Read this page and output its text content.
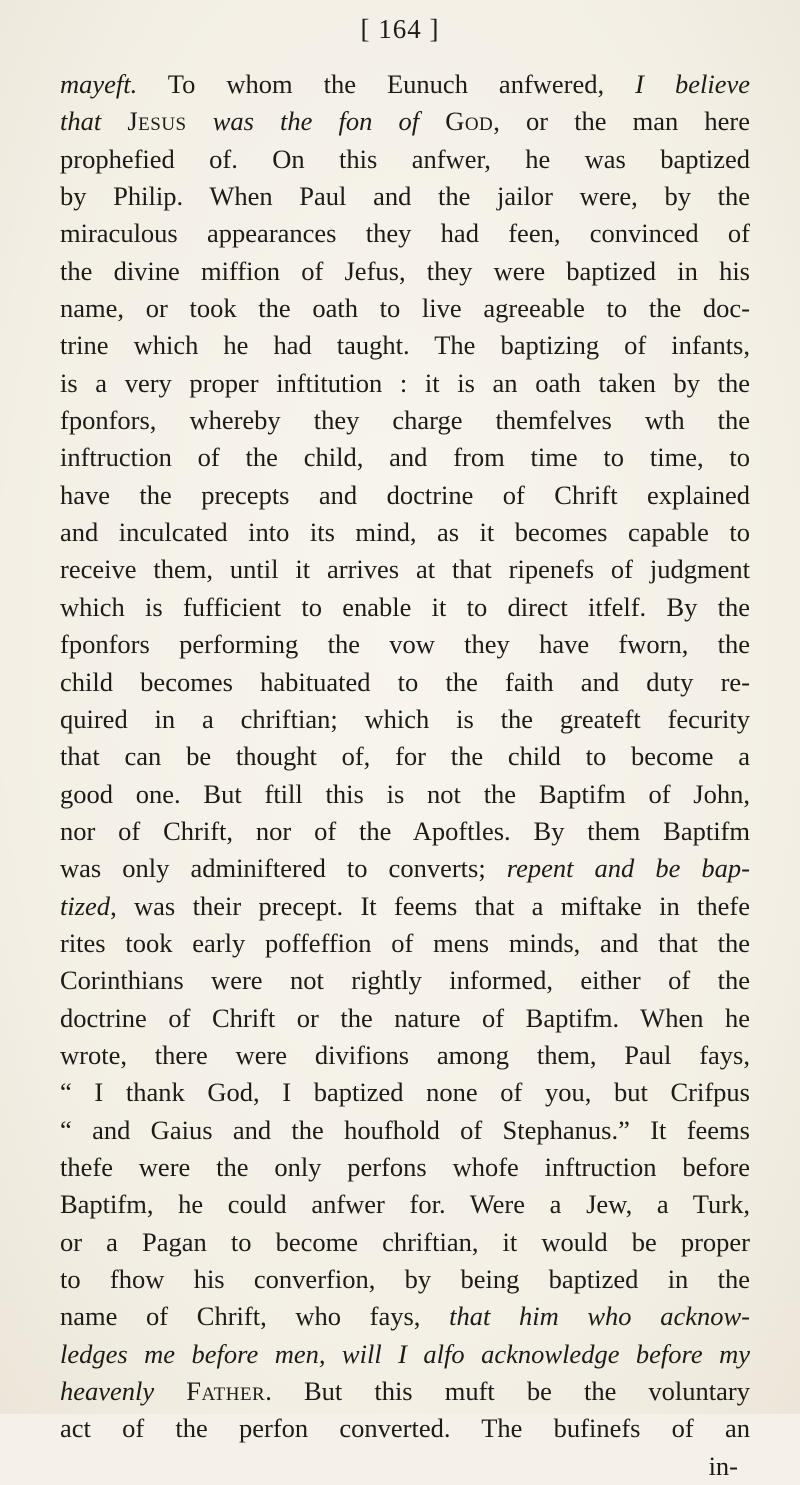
[ 164 ]
mayeft. To whom the Eunuch anfwered, I believe
that Jesus was the fon of God, or the man here
prophefied of. On this anfwer, he was baptized
by Philip. When Paul and the jailor were, by the
miraculous appearances they had feen, convinced of
the divine miffion of Jefus, they were baptized in his
name, or took the oath to live agreeable to the doc-
trine which he had taught. The baptizing of infants,
is a very proper inftitution : it is an oath taken by the
fponfors, whereby they charge themfelves wth the
inftruction of the child, and from time to time, to
have the precepts and doctrine of Chrift explained
and inculcated into its mind, as it becomes capable to
receive them, until it arrives at that ripenefs of judgment
which is fufficient to enable it to direct itfelf. By the
fponfors performing the vow they have fworn, the
child becomes habituated to the faith and duty re-
quired in a chriftian; which is the greateft fecurity
that can be thought of, for the child to become a
good one. But ftill this is not the Baptifm of John,
nor of Chrift, nor of the Apoftles. By them Baptifm
was only adminiftered to converts; repent and be bap-
tized, was their precept. It feems that a miftake in thefe
rites took early poffeffion of mens minds, and that the
Corinthians were not rightly informed, either of the
doctrine of Chrift or the nature of Baptifm. When he
wrote, there were divifions among them, Paul fays,
“ I thank God, I baptized none of you, but Crifpus
“ and Gaius and the houfhold of Stephanus.” It feems
thefe were the only perfons whofe inftruction before
Baptifm, he could anfwer for. Were a Jew, a Turk,
or a Pagan to become chriftian, it would be proper
to fhow his converfion, by being baptized in the
name of Chrift, who fays, that him who acknow-
ledges me before men, will I alfo acknowledge before my
heavenly Father. But this muft be the voluntary
act of the perfon converted. The bufinefs of an
in-
